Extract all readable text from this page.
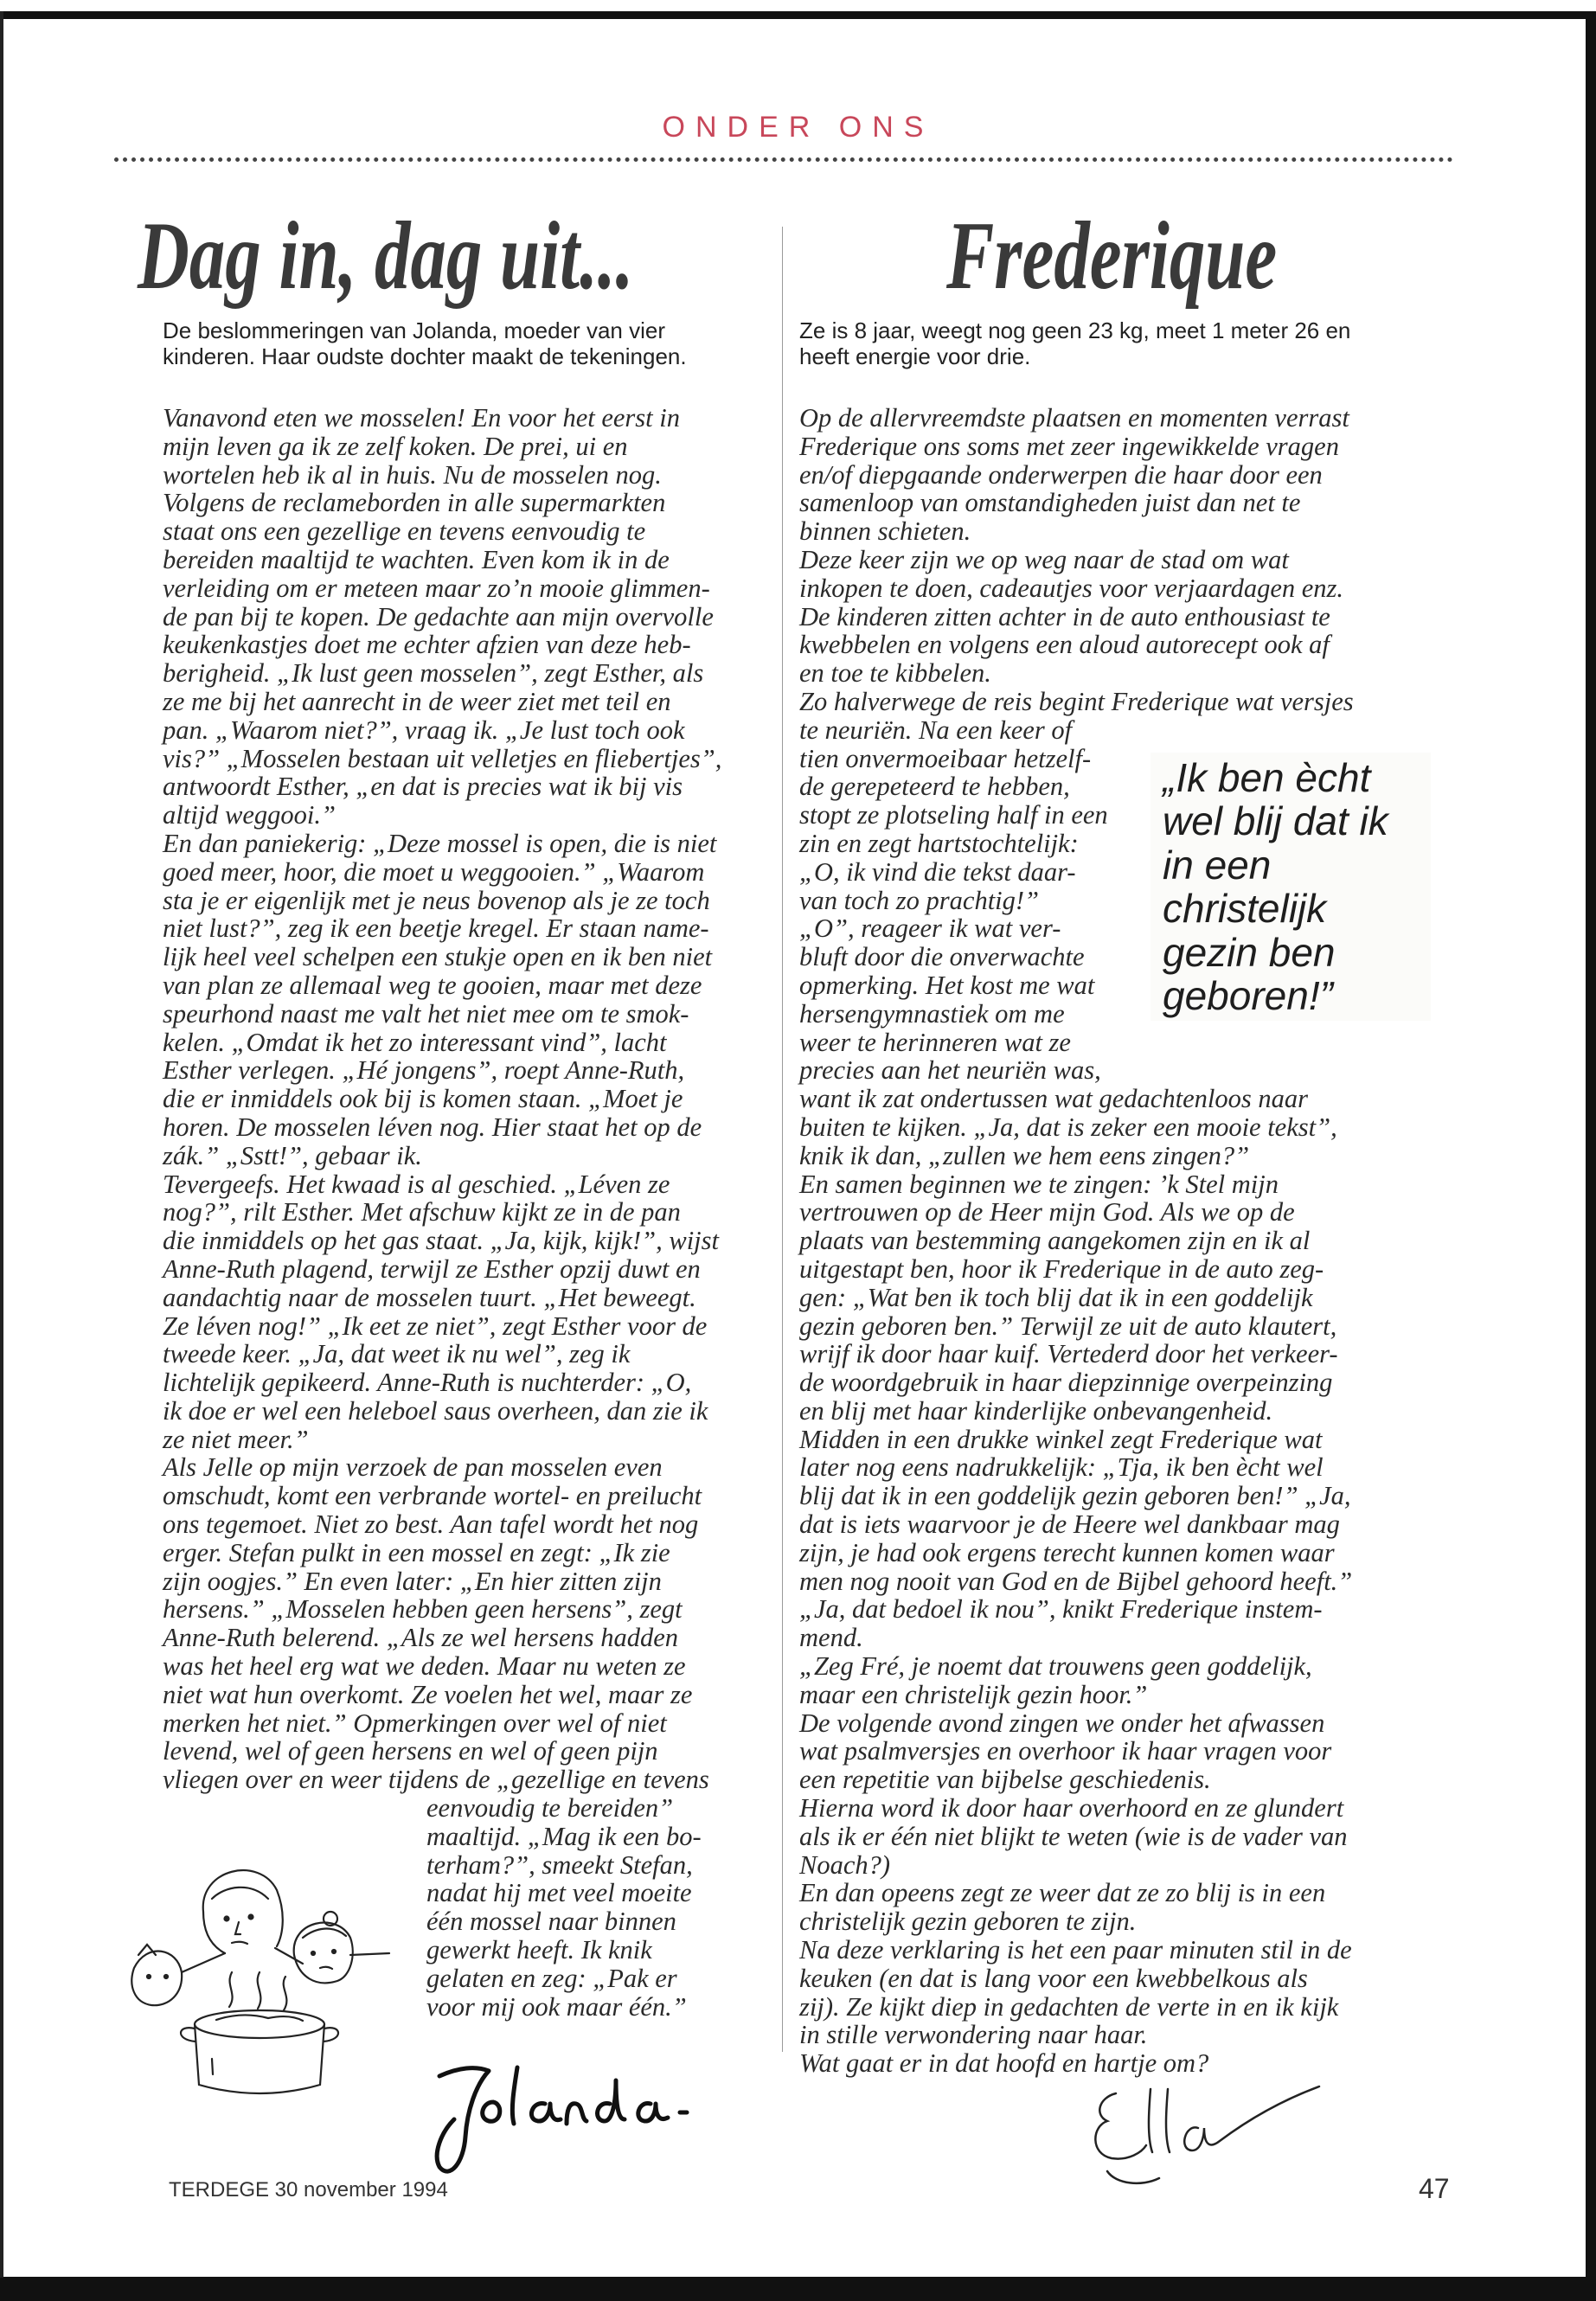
ONDER ONS
Dag in, dag uit...	Frederique
De beslommeringen van Jolanda, moeder van vier
kinderen. Haar oudste dochter maakt de tekeningen.
Ze is 8 jaar, weegt nog geen 23 kg, meet 1 meter 26 en
heeft energie voor drie.
Vanavond eten we mosselen! En voor het eerst in
mijn leven ga ik ze zelf koken. De prei, ui en
wortelen heb ik al in huis. Nu de mosselen nog.
Volgens de reclameborden in alle supermarkten
staat ons een gezellige en tevens eenvoudig te
bereiden maaltijd te wachten. Even kom ik in de
verleiding om er meteen maar zo’n mooie glimmen-
de pan bij te kopen. De gedachte aan mijn overvolle
keukenkastjes doet me echter afzien van deze heb-
berigheid. „Ik lust geen mosselen”, zegt Esther, als
ze me bij het aanrecht in de weer ziet met teil en
pan. „Waarom niet?”, vraag ik. „Je lust toch ook
vis?” „Mosselen bestaan uit velletjes en fliebertjes”,
antwoordt Esther, „en dat is precies wat ik bij vis
altijd weggooi.”
En dan paniekerig: „Deze mossel is open, die is niet
goed meer, hoor, die moet u weggooien.” „Waarom
sta je er eigenlijk met je neus bovenop als je ze toch
niet lust?”, zeg ik een beetje kregel. Er staan name-
lijk heel veel schelpen een stukje open en ik ben niet
van plan ze allemaal weg te gooien, maar met deze
speurhond naast me valt het niet mee om te smok-
kelen. „Omdat ik het zo interessant vind”, lacht
Esther verlegen. „Hé jongens”, roept Anne-Ruth,
die er inmiddels ook bij is komen staan. „Moet je
horen. De mosselen léven nog. Hier staat het op de
zák.” „Sstt!”, gebaar ik.
Tevergeefs. Het kwaad is al geschied. „Léven ze
nog?”, rilt Esther. Met afschuw kijkt ze in de pan
die inmiddels op het gas staat. „Ja, kijk, kijk!”, wijst
Anne-Ruth plagend, terwijl ze Esther opzij duwt en
aandachtig naar de mosselen tuurt. „Het beweegt.
Ze léven nog!” „Ik eet ze niet”, zegt Esther voor de
tweede keer. „Ja, dat weet ik nu wel”, zeg ik
lichtelijk gepikeerd. Anne-Ruth is nuchterder: „O,
ik doe er wel een heleboel saus overheen, dan zie ik
ze niet meer.”
Als Jelle op mijn verzoek de pan mosselen even
omschudt, komt een verbrande wortel- en preilucht
ons tegemoet. Niet zo best. Aan tafel wordt het nog
erger. Stefan pulkt in een mossel en zegt: „Ik zie
zijn oogjes.” En even later: „En hier zitten zijn
hersens.” „Mosselen hebben geen hersens”, zegt
Anne-Ruth belerend. „Als ze wel hersens hadden
was het heel erg wat we deden. Maar nu weten ze
niet wat hun overkomt. Ze voelen het wel, maar ze
merken het niet.” Opmerkingen over wel of niet
levend, wel of geen hersens en wel of geen pijn
vliegen over en weer tijdens de „gezellige en tevens
eenvoudig te bereiden”
maaltijd. „Mag ik een bo-
terham?”, smeekt Stefan,
nadat hij met veel moeite
één mossel naar binnen
gewerkt heeft. Ik knik
gelaten en zeg: „Pak er
voor mij ook maar één.”
Op de allervreemdste plaatsen en momenten verrast
Frederique ons soms met zeer ingewikkelde vragen
en/of diepgaande onderwerpen die haar door een
samenloop van omstandigheden juist dan net te
binnen schieten.
Deze keer zijn we op weg naar de stad om wat
inkopen te doen, cadeautjes voor verjaardagen enz.
De kinderen zitten achter in de auto enthousiast te
kwebbelen en volgens een aloud autorecept ook af
en toe te kibbelen.
Zo halverwege de reis begint Frederique wat versjes
te neuriën. Na een keer of
tien onvermoeibaar hetzelf-
de gerepeteerd te hebben,
stopt ze plotseling half in een
zin en zegt hartstochtelijk:
„O, ik vind die tekst daar-
van toch zo prachtig!”
„O”, reageer ik wat ver-
bluft door die onverwachte
opmerking. Het kost me wat
hersengymnastiek om me
weer te herinneren wat ze
precies aan het neuriën was,
want ik zat ondertussen wat gedachtenloos naar
buiten te kijken. „Ja, dat is zeker een mooie tekst”,
knik ik dan, „zullen we hem eens zingen?”
En samen beginnen we te zingen: ’k Stel mijn
vertrouwen op de Heer mijn God. Als we op de
plaats van bestemming aangekomen zijn en ik al
uitgestapt ben, hoor ik Frederique in de auto zeg-
gen: „Wat ben ik toch blij dat ik in een goddelijk
gezin geboren ben.” Terwijl ze uit de auto klautert,
wrijf ik door haar kuif. Vertederd door het verkeer-
de woordgebruik in haar diepzinnige overpeinzing
en blij met haar kinderlijke onbevangenheid.
Midden in een drukke winkel zegt Frederique wat
later nog eens nadrukkelijk: „Tja, ik ben ècht wel
blij dat ik in een goddelijk gezin geboren ben!” „Ja,
dat is iets waarvoor je de Heere wel dankbaar mag
zijn, je had ook ergens terecht kunnen komen waar
men nog nooit van God en de Bijbel gehoord heeft.”
„Ja, dat bedoel ik nou”, knikt Frederique instem-
mend.
„Zeg Fré, je noemt dat trouwens geen goddelijk,
maar een christelijk gezin hoor.”
De volgende avond zingen we onder het afwassen
wat psalmversjes en overhoor ik haar vragen voor
een repetitie van bijbelse geschiedenis.
Hierna word ik door haar overhoord en ze glundert
als ik er één niet blijkt te weten (wie is de vader van
Noach?)
En dan opeens zegt ze weer dat ze zo blij is in een
christelijk gezin geboren te zijn.
Na deze verklaring is het een paar minuten stil in de
keuken (en dat is lang voor een kwebbelkous als
zij). Ze kijkt diep in gedachten de verte in en ik kijk
in stille verwondering naar haar.
Wat gaat er in dat hoofd en hartje om?
„Ik ben ècht
wel blij dat ik
in een
christelijk
gezin ben
geboren!”
TERDEGE 30 november 1994	47
